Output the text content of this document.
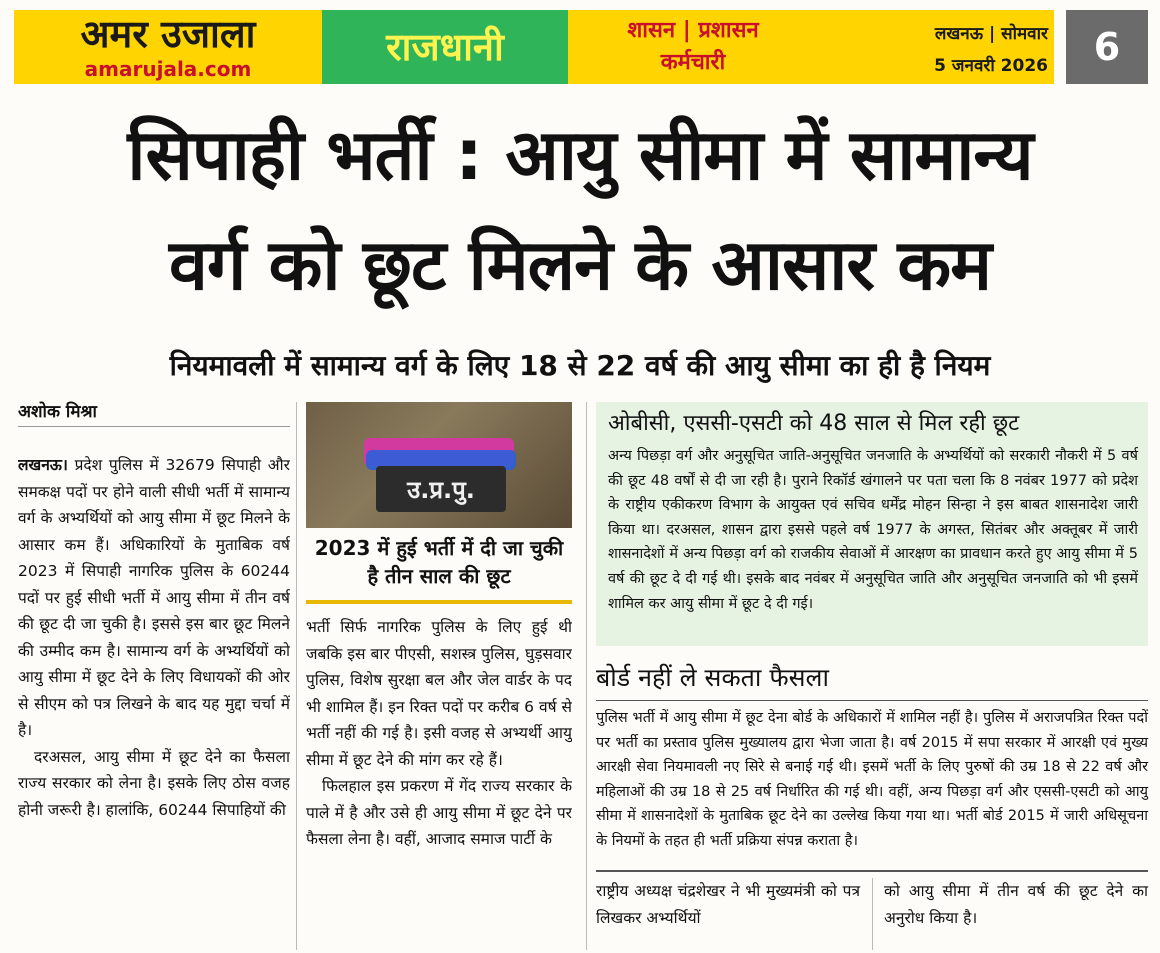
अमर उजाला
amarujala.com	राजधानी	शासन | प्रशासन
कर्मचारी
लखनऊ | सोमवार
5 जनवरी 2026	6
सिपाही भर्ती : आयु सीमा में सामान्य
वर्ग को छूट मिलने के आसार कम
नियमावली में सामान्य वर्ग के लिए 18 से 22 वर्ष की आयु सीमा का ही है नियम
अशोक मिश्रा

लखनऊ। प्रदेश पुलिस में 32679 सिपाही और समकक्ष पदों पर होने वाली सीधी भर्ती में सामान्य वर्ग के अभ्यर्थियों को आयु सीमा में छूट मिलने के आसार कम हैं। अधिकारियों के मुताबिक वर्ष 2023 में सिपाही नागरिक पुलिस के 60244 पदों पर हुई सीधी भर्ती में आयु सीमा में तीन वर्ष की छूट दी जा चुकी है। इससे इस बार छूट मिलने की उम्मीद कम है। सामान्य वर्ग के अभ्यर्थियों को आयु सीमा में छूट देने के लिए विधायकों की ओर से सीएम को पत्र लिखने के बाद यह मुद्दा चर्चा में है।

दरअसल, आयु सीमा में छूट देने का फैसला राज्य सरकार को लेना है। इसके लिए ठोस वजह होनी जरूरी है। हालांकि, 60244 सिपाहियों की

उ.प्र.पु.
2023 में हुई भर्ती में दी जा चुकी है तीन साल की छूट

भर्ती सिर्फ नागरिक पुलिस के लिए हुई थी जबकि इस बार पीएसी, सशस्त्र पुलिस, घुड़सवार पुलिस, विशेष सुरक्षा बल और जेल वार्डर के पद भी शामिल हैं। इन रिक्त पदों पर करीब 6 वर्ष से भर्ती नहीं की गई है। इसी वजह से अभ्यर्थी आयु सीमा में छूट देने की मांग कर रहे हैं।

फिलहाल इस प्रकरण में गेंद राज्य सरकार के पाले में है और उसे ही आयु सीमा में छूट देने पर फैसला लेना है। वहीं, आजाद समाज पार्टी के

ओबीसी, एससी-एसटी को 48 साल से मिल रही छूट
अन्य पिछड़ा वर्ग और अनुसूचित जाति-अनुसूचित जनजाति के अभ्यर्थियों को सरकारी नौकरी में 5 वर्ष की छूट 48 वर्षों से दी जा रही है। पुराने रिकॉर्ड खंगालने पर पता चला कि 8 नवंबर 1977 को प्रदेश के राष्ट्रीय एकीकरण विभाग के आयुक्त एवं सचिव धर्मेंद्र मोहन सिन्हा ने इस बाबत शासनादेश जारी किया था। दरअसल, शासन द्वारा इससे पहले वर्ष 1977 के अगस्त, सितंबर और अक्तूबर में जारी शासनादेशों में अन्य पिछड़ा वर्ग को राजकीय सेवाओं में आरक्षण का प्रावधान करते हुए आयु सीमा में 5 वर्ष की छूट दे दी गई थी। इसके बाद नवंबर में अनुसूचित जाति और अनुसूचित जनजाति को भी इसमें शामिल कर आयु सीमा में छूट दे दी गई।
बोर्ड नहीं ले सकता फैसला
पुलिस भर्ती में आयु सीमा में छूट देना बोर्ड के अधिकारों में शामिल नहीं है। पुलिस में अराजपत्रित रिक्त पदों पर भर्ती का प्रस्ताव पुलिस मुख्यालय द्वारा भेजा जाता है। वर्ष 2015 में सपा सरकार में आरक्षी एवं मुख्य आरक्षी सेवा नियमावली नए सिरे से बनाई गई थी। इसमें भर्ती के लिए पुरुषों की उम्र 18 से 22 वर्ष और महिलाओं की उम्र 18 से 25 वर्ष निर्धारित की गई थी। वहीं, अन्य पिछड़ा वर्ग और एससी-एसटी को आयु सीमा में शासनादेशों के मुताबिक छूट देने का उल्लेख किया गया था। भर्ती बोर्ड 2015 में जारी अधिसूचना के नियमों के तहत ही भर्ती प्रक्रिया संपन्न कराता है।
राष्ट्रीय अध्यक्ष चंद्रशेखर ने भी मुख्यमंत्री को पत्र लिखकर अभ्यर्थियों
को आयु सीमा में तीन वर्ष की छूट देने का अनुरोध किया है।
